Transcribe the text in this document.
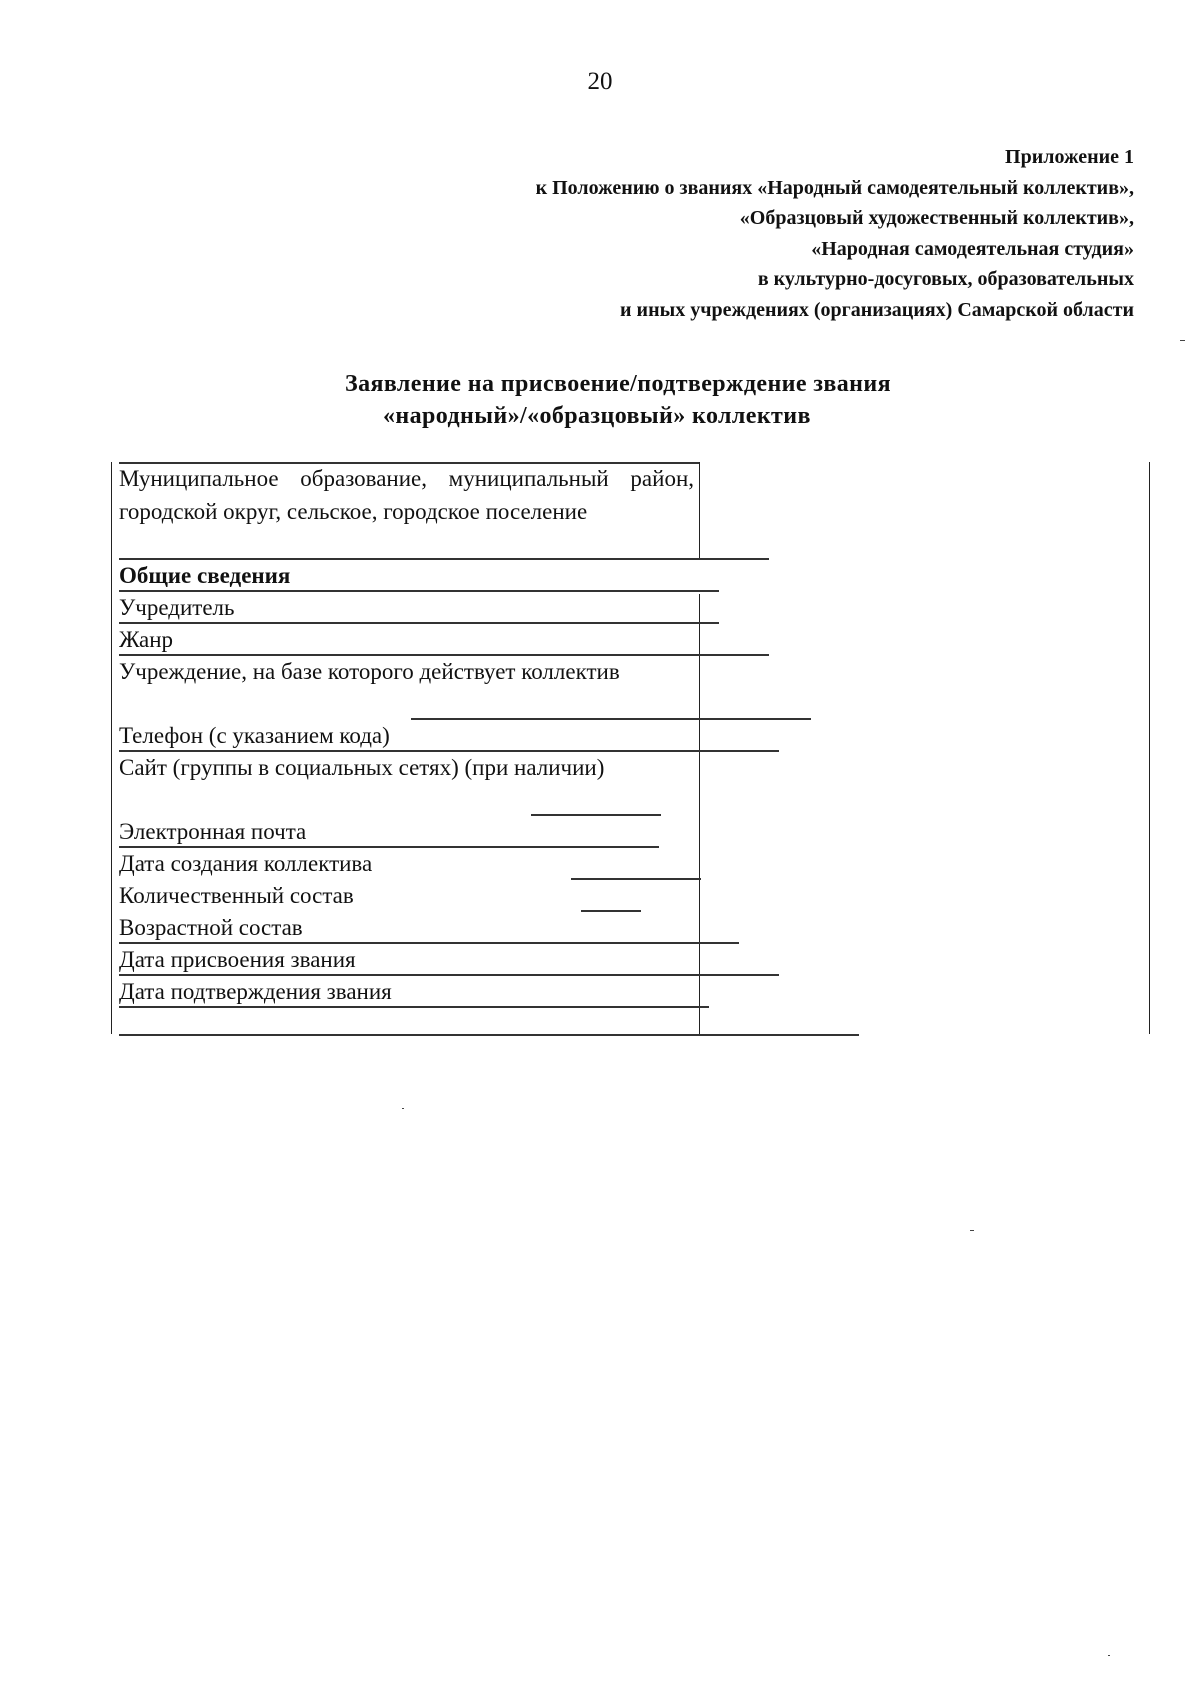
20
Приложение 1
к Положению о званиях «Народный самодеятельный коллектив»,
«Образцовый художественный коллектив»,
«Народная самодеятельная студия»
в культурно-досуговых, образовательных
и иных учреждениях (организациях) Самарской области
Заявление на присвоение/подтверждение звания
«народный»/«образцовый» коллектив
Муниципальное образование, муниципальный район, городской округ, сельское, городское поселение
Общие сведения
Учредитель
Жанр
Учреждение, на базе которого действует коллектив
Телефон (с указанием кода)
Сайт (группы в социальных сетях) (при наличии)
Электронная почта
Дата создания коллектива
Количественный состав
Возрастной состав
Дата присвоения звания
Дата подтверждения звания
